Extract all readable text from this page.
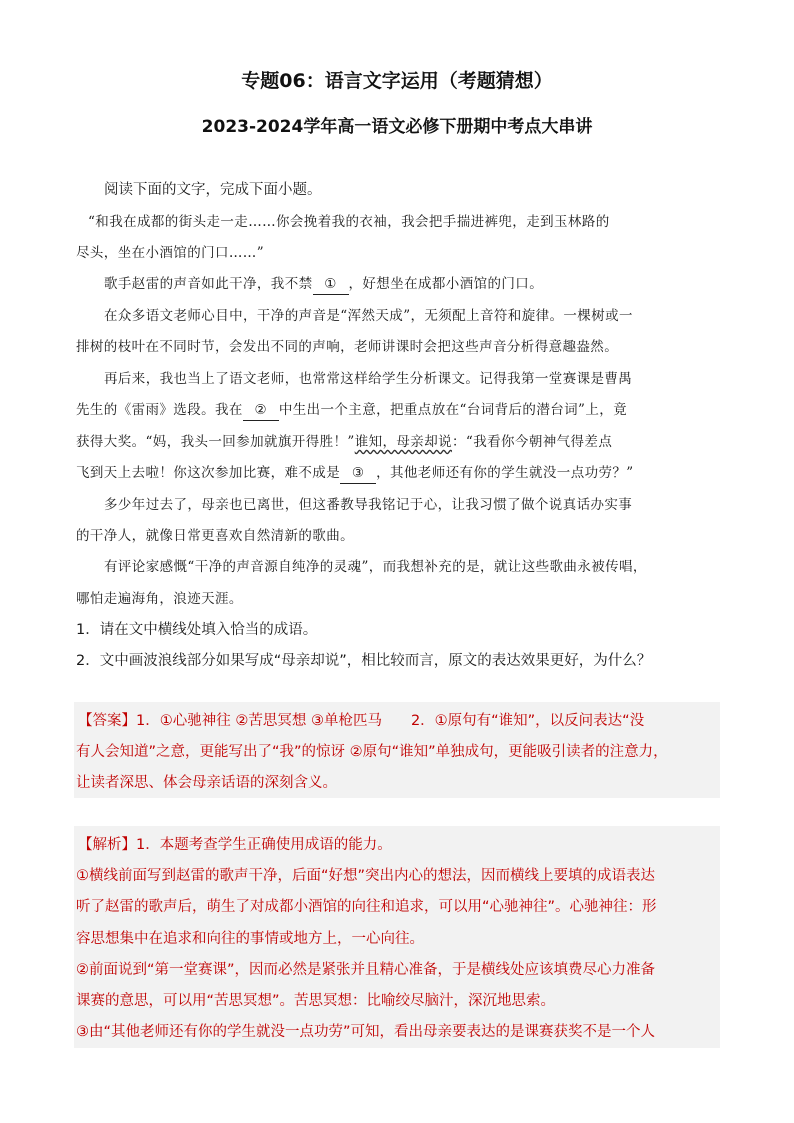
专题06：语言文字运用（考题猜想）
2023-2024学年高一语文必修下册期中考点大串讲
阅读下面的文字，完成下面小题。
“和我在成都的街头走一走……你会挽着我的衣袖，我会把手揣进裤兜，走到玉林路的
尽头，坐在小酒馆的门口……”
歌手赵雷的声音如此干净，我不禁 ① ，好想坐在成都小酒馆的门口。
在众多语文老师心目中，干净的声音是“浑然天成”，无须配上音符和旋律。一棵树或一
排树的枝叶在不同时节，会发出不同的声响，老师讲课时会把这些声音分析得意趣盎然。
再后来，我也当上了语文老师，也常常这样给学生分析课文。记得我第一堂赛课是曹禺
先生的《雷雨》选段。我在 ② 中生出一个主意，把重点放在“台词背后的潜台词”上，竟
获得大奖。“妈，我头一回参加就旗开得胜！”谁知，母亲却说：“我看你今朝神气得差点
飞到天上去啦！你这次参加比赛，难不成是 ③ ，其他老师还有你的学生就没一点功劳？”
多少年过去了，母亲也已离世，但这番教导我铭记于心，让我习惯了做个说真话办实事
的干净人，就像日常更喜欢自然清新的歌曲。
有评论家感慨“干净的声音源自纯净的灵魂”，而我想补充的是，就让这些歌曲永被传唱，
哪怕走遍海角，浪迹天涯。
1．请在文中横线处填入恰当的成语。
2．文中画波浪线部分如果写成“母亲却说”，相比较而言，原文的表达效果更好，为什么？
【答案】1．①心驰神往 ②苦思冥想 ③单枪匹马　　2．①原句有“谁知”，以反问表达“没
有人会知道”之意，更能写出了“我”的惊讶 ②原句“谁知”单独成句，更能吸引读者的注意力，
让读者深思、体会母亲话语的深刻含义。
【解析】1．本题考查学生正确使用成语的能力。
①横线前面写到赵雷的歌声干净，后面“好想”突出内心的想法，因而横线上要填的成语表达
听了赵雷的歌声后，萌生了对成都小酒馆的向往和追求，可以用“心驰神往”。心驰神往：形
容思想集中在追求和向往的事情或地方上，一心向往。
②前面说到“第一堂赛课”，因而必然是紧张并且精心准备，于是横线处应该填费尽心力准备
课赛的意思，可以用“苦思冥想”。苦思冥想：比喻绞尽脑汁，深沉地思索。
③由“其他老师还有你的学生就没一点功劳”可知，看出母亲要表达的是课赛获奖不是一个人
